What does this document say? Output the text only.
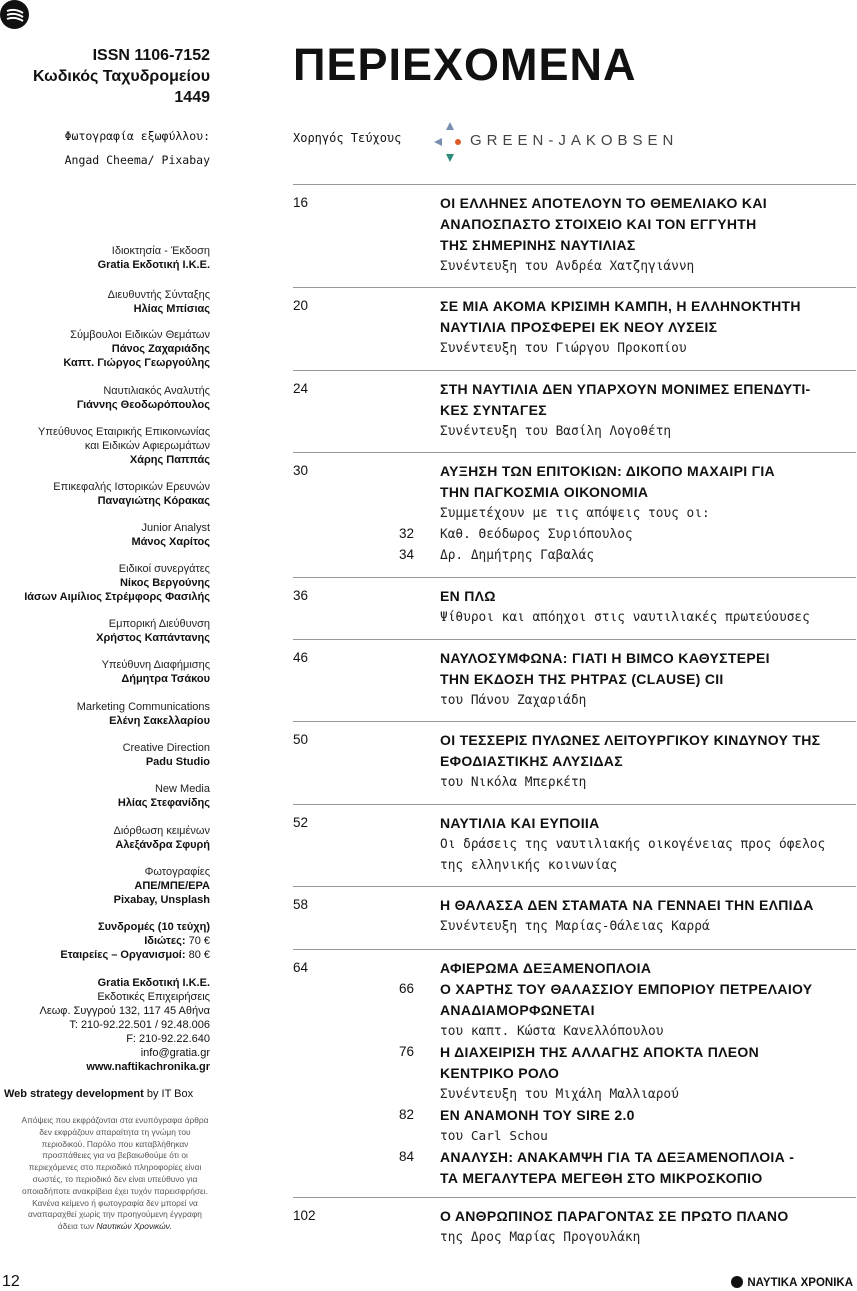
ISSN 1106-7152
Κωδικός Ταχυδρομείου
1449
Φωτογραφία εξωφύλλου:
Angad Cheema/ Pixabay
ΠΕΡΙΕΧΟΜΕΝΑ
Χορηγός Τεύχους	GREEN-JAKOBSEN
Ιδιοκτησία - Έκδοση
Gratia Εκδοτική Ι.Κ.Ε.
Διευθυντής Σύνταξης
Ηλίας Μπίσιας
Σύμβουλοι Ειδικών Θεμάτων
Πάνος Ζαχαριάδης
Καπτ. Γιώργος Γεωργούλης
Ναυτιλιακός Αναλυτής
Γιάννης Θεοδωρόπουλος
Υπεύθυνος Εταιρικής Επικοινωνίας
και Ειδικών Αφιερωμάτων
Χάρης Παππάς
Επικεφαλής Ιστορικών Ερευνών
Παναγιώτης Κόρακας
Junior Analyst
Μάνος Χαρίτος
Ειδικοί συνεργάτες
Νίκος Βεργούνης
Ιάσων Αιμίλιος Στρέμφορς Φασιλής
Εμπορική Διεύθυνση
Χρήστος Καπάντανης
Υπεύθυνη Διαφήμισης
Δήμητρα Τσάκου
Marketing Communications
Ελένη Σακελλαρίου
Creative Direction
Padu Studio
New Media
Ηλίας Στεφανίδης
Διόρθωση κειμένων
Αλεξάνδρα Σφυρή
Φωτογραφίες
ΑΠΕ/ΜΠΕ/EPA
Pixabay, Unsplash
Συνδρομές (10 τεύχη)
Ιδιώτες: 70 €
Εταιρείες – Οργανισμοί: 80 €
Gratia Εκδοτική Ι.Κ.Ε.
Εκδοτικές Επιχειρήσεις
Λεωφ. Συγγρού 132, 117 45 Αθήνα
T: 210-92.22.501 / 92.48.006
F: 210-92.22.640
info@gratia.gr
www.naftikachronika.gr
Web strategy development by IT Box
Απόψεις που εκφράζονται στα ενυπόγραφα άρθρα δεν εκφράζουν απαραίτητα τη γνώμη του περιοδικού. Παρόλο που καταβλήθηκαν προσπάθειες για να βεβαιωθούμε ότι οι περιεχόμενες στο περιοδικό πληροφορίες είναι σωστές, το περιοδικό δεν είναι υπεύθυνο για οποιαδήποτε ανακρίβεια έχει τυχόν παρεισφρήσει. Κανένα κείμενο ή φωτογραφία δεν μπορεί να αναπαραχθεί χωρίς την προηγούμενη έγγραφη άδεια των Ναυτικών Χρονικών.
12	ΝΑΥΤΙΚΑ ΧΡΟΝΙΚΑ
16	ΟΙ ΕΛΛΗΝΕΣ ΑΠΟΤΕΛΟΥΝ ΤΟ ΘΕΜΕΛΙΑΚΟ ΚΑΙ
ΑΝΑΠΟΣΠΑΣΤΟ ΣΤΟΙΧΕΙΟ ΚΑΙ ΤΟΝ ΕΓΓΥΗΤΗ
ΤΗΣ ΣΗΜΕΡΙΝΗΣ ΝΑΥΤΙΛΙΑΣ
Συνέντευξη του Ανδρέα Χατζηγιάννη
20	ΣΕ ΜΙΑ ΑΚΟΜΑ ΚΡΙΣΙΜΗ ΚΑΜΠΗ, Η ΕΛΛΗΝΟΚΤΗΤΗ
ΝΑΥΤΙΛΙΑ ΠΡΟΣΦΕΡΕΙ ΕΚ ΝΕΟΥ ΛΥΣΕΙΣ
Συνέντευξη του Γιώργου Προκοπίου
24	ΣΤΗ ΝΑΥΤΙΛΙΑ ΔΕΝ ΥΠΑΡΧΟΥΝ ΜΟΝΙΜΕΣ ΕΠΕΝΔΥΤΙ-
ΚΕΣ ΣΥΝΤΑΓΕΣ
Συνέντευξη του Βασίλη Λογοθέτη
30	ΑΥΞΗΣΗ ΤΩΝ ΕΠΙΤΟΚΙΩΝ: ΔΙΚΟΠΟ ΜΑΧΑΙΡΙ ΓΙΑ
ΤΗΝ ΠΑΓΚΟΣΜΙΑ ΟΙΚΟΝΟΜΙΑ
Συμμετέχουν με τις απόψεις τους οι:
32 Καθ. Θεόδωρος Συριόπουλος
34 Δρ. Δημήτρης Γαβαλάς
36	ΕΝ ΠΛΩ
Ψίθυροι και απόηχοι στις ναυτιλιακές πρωτεύουσες
46	ΝΑΥΛΟΣΥΜΦΩΝΑ: ΓΙΑΤΙ Η BIMCO ΚΑΘΥΣΤΕΡΕΙ
ΤΗΝ ΕΚΔΟΣΗ ΤΗΣ ΡΗΤΡΑΣ (CLAUSE) CII
του Πάνου Ζαχαριάδη
50	ΟΙ ΤΕΣΣΕΡΙΣ ΠΥΛΩΝΕΣ ΛΕΙΤΟΥΡΓΙΚΟΥ ΚΙΝΔΥΝΟΥ ΤΗΣ
ΕΦΟΔΙΑΣΤΙΚΗΣ ΑΛΥΣΙΔΑΣ
του Νικόλα Μπερκέτη
52	ΝΑΥΤΙΛΙΑ ΚΑΙ ΕΥΠΟΙΙΑ
Οι δράσεις της ναυτιλιακής οικογένειας προς όφελος
της ελληνικής κοινωνίας
58	Η ΘΑΛΑΣΣΑ ΔΕΝ ΣΤΑΜΑΤΑ ΝΑ ΓΕΝΝΑΕΙ ΤΗΝ ΕΛΠΙΔΑ
Συνέντευξη της Μαρίας-Θάλειας Καρρά
64	ΑΦΙΕΡΩΜΑ ΔΕΞΑΜΕΝΟΠΛΟΙΑ
66 Ο ΧΑΡΤΗΣ ΤΟΥ ΘΑΛΑΣΣΙΟΥ ΕΜΠΟΡΙΟΥ ΠΕΤΡΕΛΑΙΟΥ
ΑΝΑΔΙΑΜΟΡΦΩΝΕΤΑΙ
του καπτ. Κώστα Κανελλόπουλου
76 Η ΔΙΑΧΕΙΡΙΣΗ ΤΗΣ ΑΛΛΑΓΗΣ ΑΠΟΚΤΑ ΠΛΕΟΝ
ΚΕΝΤΡΙΚΟ ΡΟΛΟ
Συνέντευξη του Μιχάλη Μαλλιαρού
82 ΕΝ ΑΝΑΜΟΝΗ ΤΟΥ SIRE 2.0
του Carl Schou
84 ΑΝΑΛΥΣΗ: ΑΝΑΚΑΜΨΗ ΓΙΑ ΤΑ ΔΕΞΑΜΕΝΟΠΛΟΙΑ -
ΤΑ ΜΕΓΑΛΥΤΕΡΑ ΜΕΓΕΘΗ ΣΤΟ ΜΙΚΡΟΣΚΟΠΙΟ
102	Ο ΑΝΘΡΩΠΙΝΟΣ ΠΑΡΑΓΟΝΤΑΣ ΣΕ ΠΡΩΤΟ ΠΛΑΝΟ
της Δρος Μαρίας Προγουλάκη
